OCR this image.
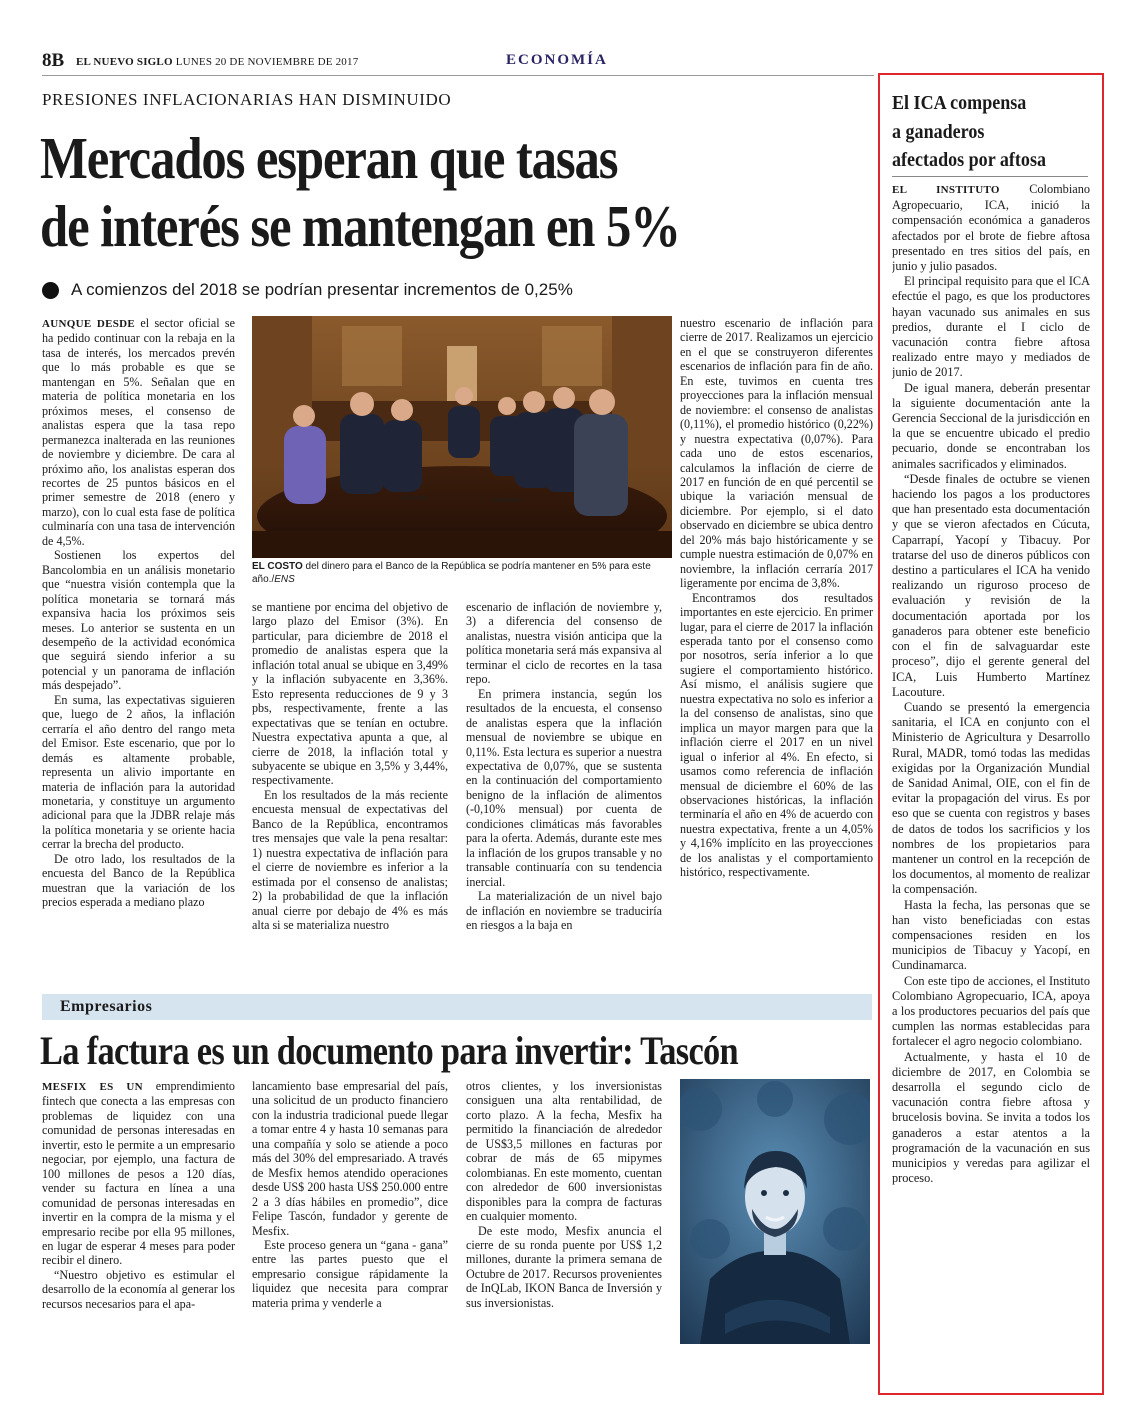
8B EL NUEVO SIGLO LUNES 20 DE NOVIEMBRE DE 2017	ECONOMÍA
PRESIONES INFLACIONARIAS HAN DISMINUIDO
Mercados esperan que tasas
de interés se mantengan en 5%
A comienzos del 2018 se podrían presentar incrementos de 0,25%

AUNQUE DESDE el sector oficial se ha pedido continuar con la rebaja en la tasa de interés, los mercados prevén que lo más probable es que se mantengan en 5%. Señalan que en materia de política monetaria en los próximos meses, el consenso de analistas espera que la tasa repo permanezca inalterada en las reuniones de noviembre y diciembre. De cara al próximo año, los analistas esperan dos recortes de 25 puntos básicos en el primer semestre de 2018 (enero y marzo), con lo cual esta fase de política culminaría con una tasa de intervención de 4,5%.

Sostienen los expertos del Bancolombia en un análisis monetario que “nuestra visión contempla que la política monetaria se tornará más expansiva hacia los próximos seis meses. Lo anterior se sustenta en un desempeño de la actividad económica que seguirá siendo inferior a su potencial y un panorama de inflación más despejado”.

En suma, las expectativas siguieren que, luego de 2 años, la inflación cerraría el año dentro del rango meta del Emisor. Este escenario, que por lo demás es altamente probable, representa un alivio importante en materia de inflación para la autoridad monetaria, y constituye un argumento adicional para que la JDBR relaje más la política monetaria y se oriente hacia cerrar la brecha del producto.

De otro lado, los resultados de la encuesta del Banco de la República muestran que la variación de los precios esperada a mediano plazo

EL COSTO del dinero para el Banco de la República se podría mantener en 5% para este año./ENS

se mantiene por encima del objetivo de largo plazo del Emisor (3%). En particular, para diciembre de 2018 el promedio de analistas espera que la inflación total anual se ubique en 3,49% y la inflación subyacente en 3,36%. Esto representa reducciones de 9 y 3 pbs, respectivamente, frente a las expectativas que se tenían en octubre. Nuestra expectativa apunta a que, al cierre de 2018, la inflación total y subyacente se ubique en 3,5% y 3,44%, respectivamente.

En los resultados de la más reciente encuesta mensual de expectativas del Banco de la República, encontramos tres mensajes que vale la pena resaltar: 1) nuestra expectativa de inflación para el cierre de noviembre es inferior a la estimada por el consenso de analistas; 2) la probabilidad de que la inflación anual cierre por debajo de 4% es más alta si se materializa nuestro

escenario de inflación de noviembre y, 3) a diferencia del consenso de analistas, nuestra visión anticipa que la política monetaria será más expansiva al terminar el ciclo de recortes en la tasa repo.

En primera instancia, según los resultados de la encuesta, el consenso de analistas espera que la inflación mensual de noviembre se ubique en 0,11%. Esta lectura es superior a nuestra expectativa de 0,07%, que se sustenta en la continuación del comportamiento benigno de la inflación de alimentos (-0,10% mensual) por cuenta de condiciones climáticas más favorables para la oferta. Además, durante este mes la inflación de los grupos transable y no transable continuaría con su tendencia inercial.

La materialización de un nivel bajo de inflación en noviembre se traduciría en riesgos a la baja en

nuestro escenario de inflación para cierre de 2017. Realizamos un ejercicio en el que se construyeron diferentes escenarios de inflación para fin de año. En este, tuvimos en cuenta tres proyecciones para la inflación mensual de noviembre: el consenso de analistas (0,11%), el promedio histórico (0,22%) y nuestra expectativa (0,07%). Para cada uno de estos escenarios, calculamos la inflación de cierre de 2017 en función de en qué percentil se ubique la variación mensual de diciembre. Por ejemplo, si el dato observado en diciembre se ubica dentro del 20% más bajo históricamente y se cumple nuestra estimación de 0,07% en noviembre, la inflación cerraría 2017 ligeramente por encima de 3,8%.

Encontramos dos resultados importantes en este ejercicio. En primer lugar, para el cierre de 2017 la inflación esperada tanto por el consenso como por nosotros, sería inferior a lo que sugiere el comportamiento histórico. Así mismo, el análisis sugiere que nuestra expectativa no solo es inferior a la del consenso de analistas, sino que implica un mayor margen para que la inflación cierre el 2017 en un nivel igual o inferior al 4%. En efecto, si usamos como referencia de inflación mensual de diciembre el 60% de las observaciones históricas, la inflación terminaría el año en 4% de acuerdo con nuestra expectativa, frente a un 4,05% y 4,16% implícito en las proyecciones de los analistas y el comportamiento histórico, respectivamente.

Empresarios
La factura es un documento para invertir: Tascón

MESFIX ES UN emprendimiento fintech que conecta a las empresas con problemas de liquidez con una comunidad de personas interesadas en invertir, esto le permite a un empresario negociar, por ejemplo, una factura de 100 millones de pesos a 120 días, vender su factura en línea a una comunidad de personas interesadas en invertir en la compra de la misma y el empresario recibe por ella 95 millones, en lugar de esperar 4 meses para poder recibir el dinero.

“Nuestro objetivo es estimular el desarrollo de la economía al generar los recursos necesarios para el apa-

lancamiento base empresarial del país, una solicitud de un producto financiero con la industria tradicional puede llegar a tomar entre 4 y hasta 10 semanas para una compañía y solo se atiende a poco más del 30% del empresariado. A través de Mesfix hemos atendido operaciones desde US$ 200 hasta US$ 250.000 entre 2 a 3 días hábiles en promedio”, dice Felipe Tascón, fundador y gerente de Mesfix.

Este proceso genera un “gana - gana” entre las partes puesto que el empresario consigue rápidamente la liquidez que necesita para comprar materia prima y venderle a

otros clientes, y los inversionistas consiguen una alta rentabilidad, de corto plazo. A la fecha, Mesfix ha permitido la financiación de alrededor de US$3,5 millones en facturas por cobrar de más de 65 mipymes colombianas. En este momento, cuentan con alrededor de 600 inversionistas disponibles para la compra de facturas en cualquier momento.

De este modo, Mesfix anuncia el cierre de su ronda puente por US$ 1,2 millones, durante la primera semana de Octubre de 2017. Recursos provenientes de InQLab, IKON Banca de Inversión y sus inversionistas.

El ICA compensa
a ganaderos
afectados por aftosa

EL INSTITUTO Colombiano Agropecuario, ICA, inició la compensación económica a ganaderos afectados por el brote de fiebre aftosa presentado en tres sitios del país, en junio y julio pasados.

El principal requisito para que el ICA efectúe el pago, es que los productores hayan vacunado sus animales en sus predios, durante el I ciclo de vacunación contra fiebre aftosa realizado entre mayo y mediados de junio de 2017.

De igual manera, deberán presentar la siguiente documentación ante la Gerencia Seccional de la jurisdicción en la que se encuentre ubicado el predio pecuario, donde se encontraban los animales sacrificados y eliminados.

“Desde finales de octubre se vienen haciendo los pagos a los productores que han presentado esta documentación y que se vieron afectados en Cúcuta, Caparrapí, Yacopí y Tibacuy. Por tratarse del uso de dineros públicos con destino a particulares el ICA ha venido realizando un riguroso proceso de evaluación y revisión de la documentación aportada por los ganaderos para obtener este beneficio con el fin de salvaguardar este proceso”, dijo el gerente general del ICA, Luis Humberto Martínez Lacouture.

Cuando se presentó la emergencia sanitaria, el ICA en conjunto con el Ministerio de Agricultura y Desarrollo Rural, MADR, tomó todas las medidas exigidas por la Organización Mundial de Sanidad Animal, OIE, con el fin de evitar la propagación del virus. Es por eso que se cuenta con registros y bases de datos de todos los sacrificios y los nombres de los propietarios para mantener un control en la recepción de los documentos, al momento de realizar la compensación.

Hasta la fecha, las personas que se han visto beneficiadas con estas compensaciones residen en los municipios de Tibacuy y Yacopí, en Cundinamarca.

Con este tipo de acciones, el Instituto Colombiano Agropecuario, ICA, apoya a los productores pecuarios del país que cumplen las normas establecidas para fortalecer el agro negocio colombiano.

Actualmente, y hasta el 10 de diciembre de 2017, en Colombia se desarrolla el segundo ciclo de vacunación contra fiebre aftosa y brucelosis bovina. Se invita a todos los ganaderos a estar atentos a la programación de la vacunación en sus municipios y veredas para agilizar el proceso.
